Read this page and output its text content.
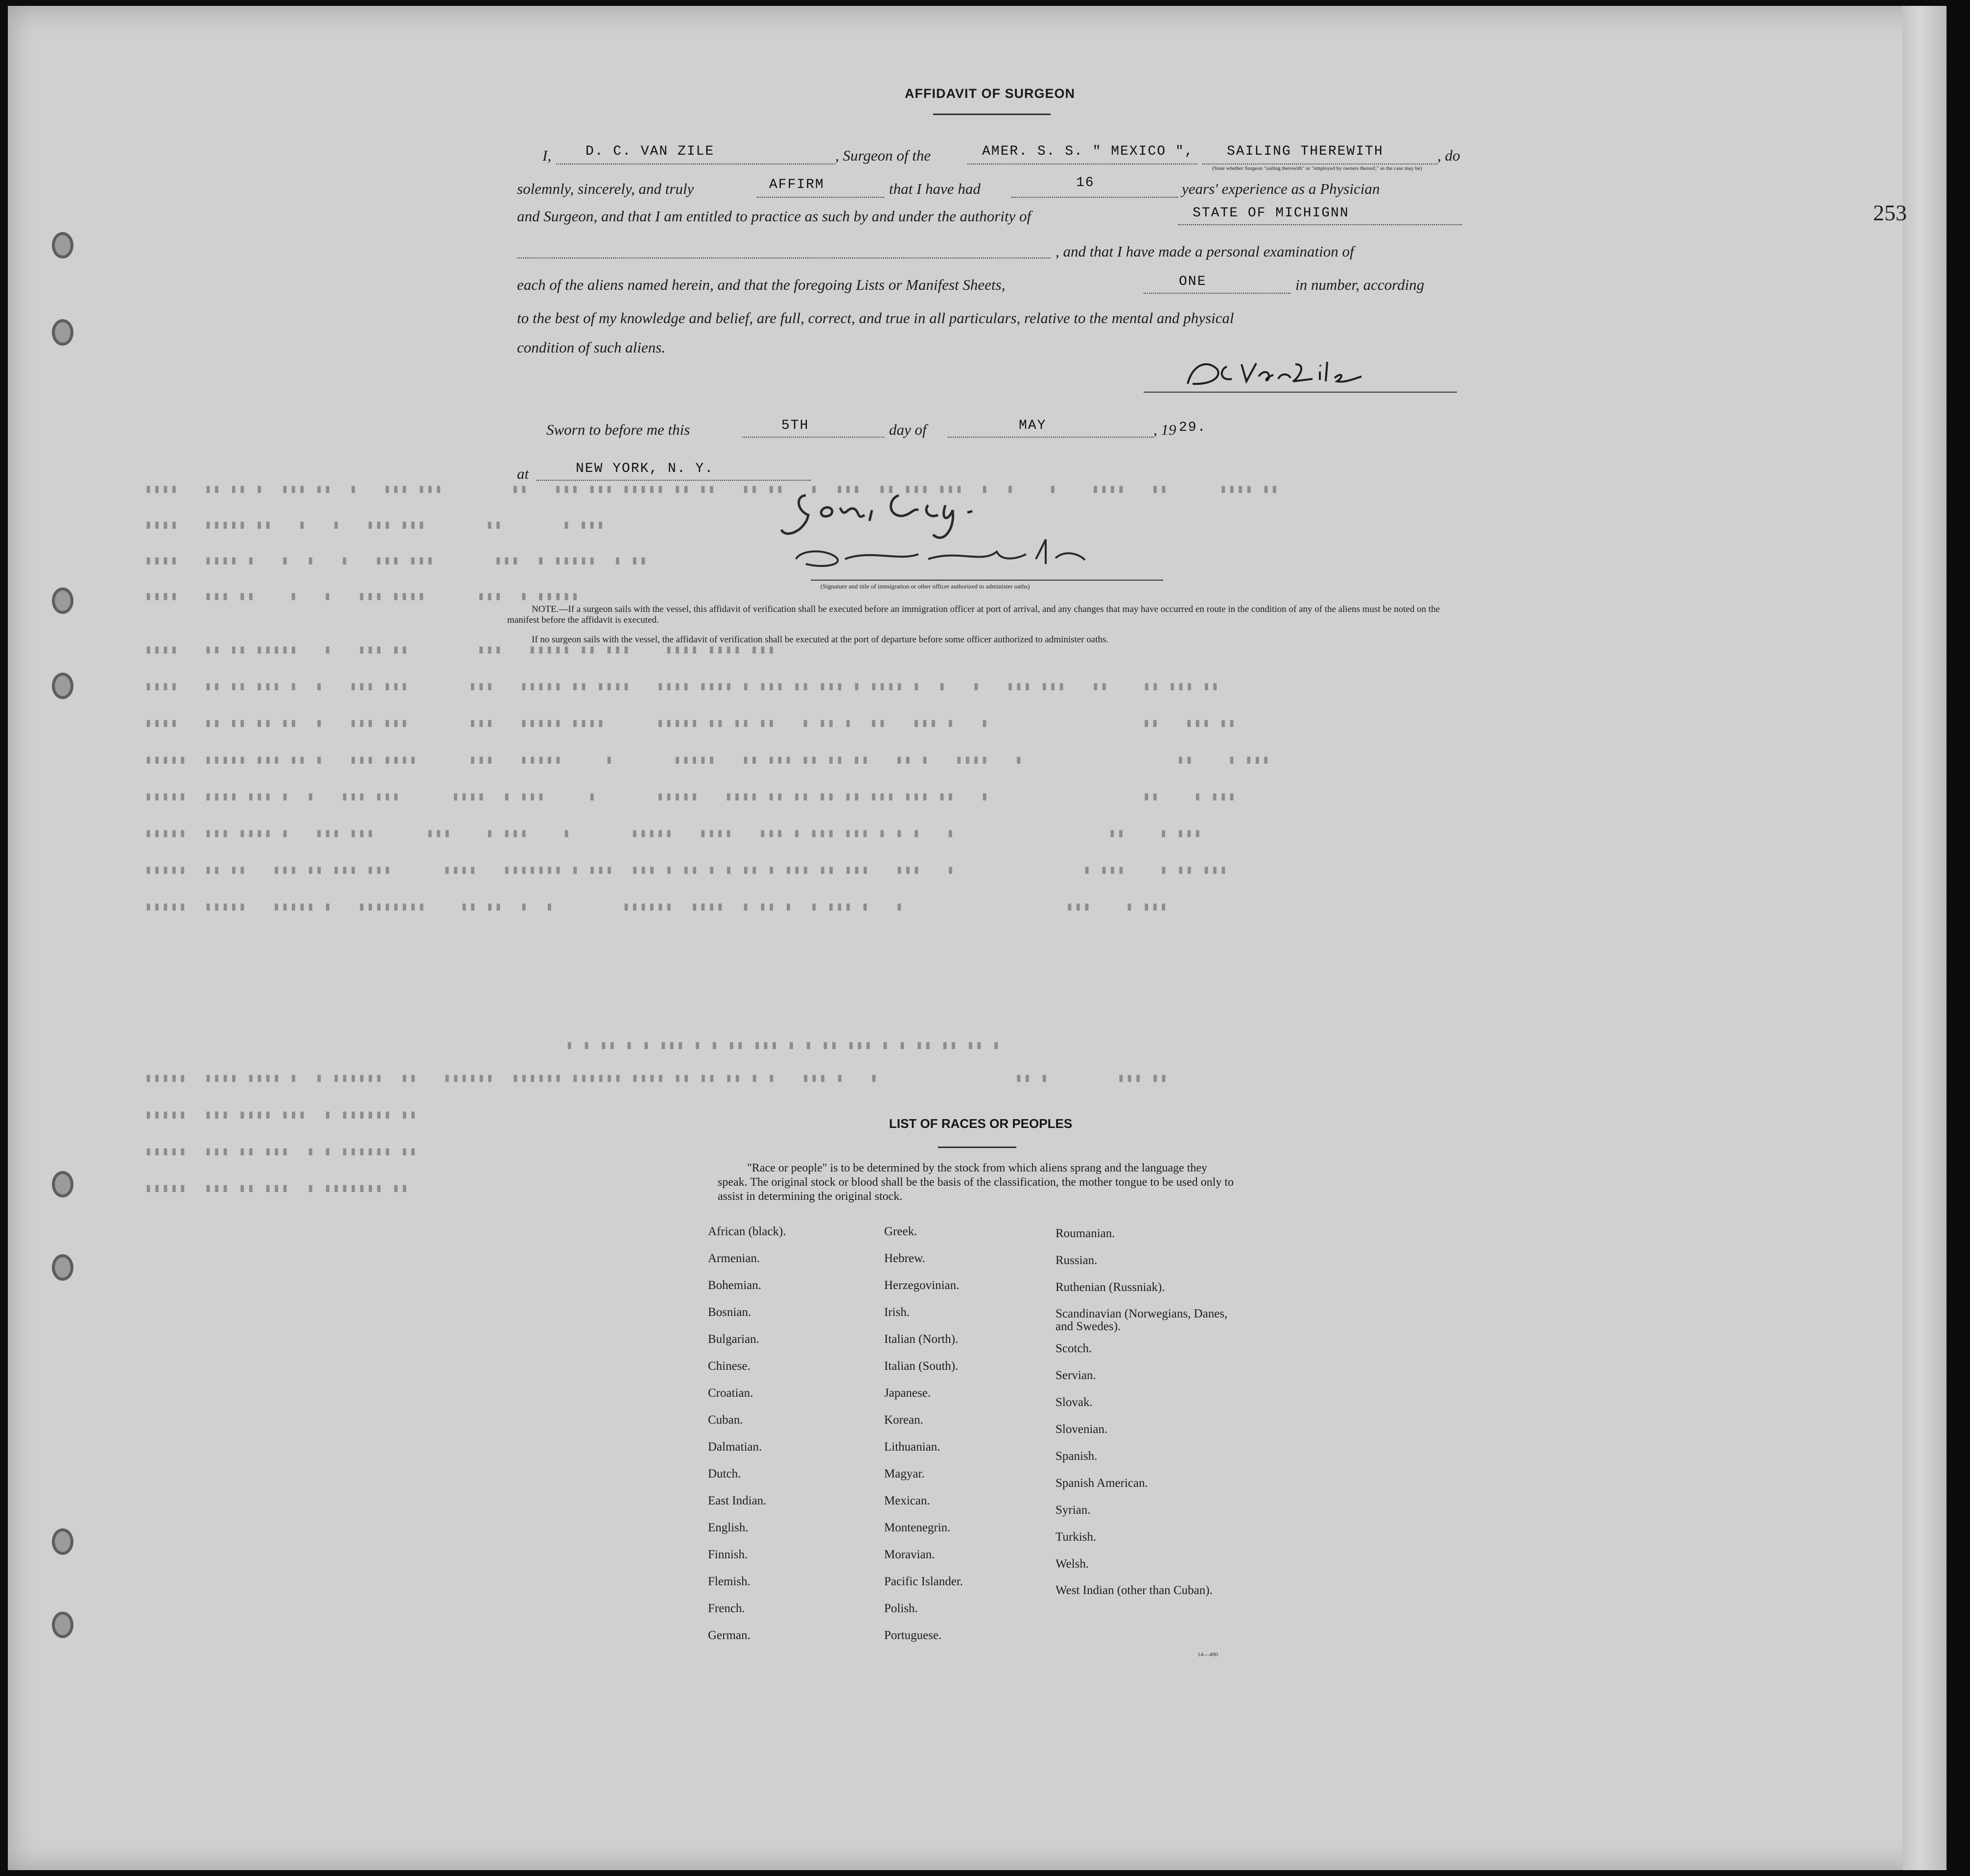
253
▮▮▮▮   ▮▮ ▮▮ ▮  ▮▮▮ ▮▮  ▮   ▮▮▮ ▮▮▮        ▮▮   ▮▮▮ ▮▮▮ ▮▮▮▮▮ ▮▮ ▮▮   ▮▮ ▮▮   ▮  ▮▮▮  ▮▮ ▮▮▮ ▮▮▮  ▮  ▮    ▮    ▮▮▮▮   ▮▮      ▮▮▮▮ ▮▮
▮▮▮▮   ▮▮▮▮▮ ▮▮   ▮   ▮   ▮▮▮ ▮▮▮       ▮▮       ▮ ▮▮▮
▮▮▮▮   ▮▮▮▮ ▮   ▮  ▮   ▮   ▮▮▮ ▮▮▮       ▮▮▮  ▮ ▮▮▮▮▮  ▮ ▮▮
▮▮▮▮   ▮▮▮ ▮▮    ▮   ▮   ▮▮▮ ▮▮▮▮      ▮▮▮  ▮ ▮▮▮▮▮
▮▮▮▮   ▮▮ ▮▮ ▮▮▮▮▮   ▮   ▮▮▮ ▮▮        ▮▮▮   ▮▮▮▮▮ ▮▮ ▮▮▮    ▮▮▮▮ ▮▮▮▮ ▮▮▮
▮▮▮▮   ▮▮ ▮▮ ▮▮▮ ▮  ▮   ▮▮▮ ▮▮▮       ▮▮▮   ▮▮▮▮▮ ▮▮ ▮▮▮▮   ▮▮▮▮ ▮▮▮▮ ▮ ▮▮▮ ▮▮ ▮▮▮ ▮ ▮▮▮▮ ▮  ▮   ▮   ▮▮▮ ▮▮▮   ▮▮    ▮▮ ▮▮▮ ▮▮
▮▮▮▮   ▮▮ ▮▮ ▮▮ ▮▮  ▮   ▮▮▮ ▮▮▮       ▮▮▮   ▮▮▮▮▮ ▮▮▮▮      ▮▮▮▮▮ ▮▮ ▮▮ ▮▮   ▮ ▮▮ ▮  ▮▮   ▮▮▮ ▮   ▮                  ▮▮   ▮▮▮ ▮▮
▮▮▮▮▮  ▮▮▮▮▮ ▮▮▮ ▮▮ ▮   ▮▮▮ ▮▮▮▮      ▮▮▮   ▮▮▮▮▮     ▮       ▮▮▮▮▮   ▮▮ ▮▮▮ ▮▮ ▮▮ ▮▮   ▮▮ ▮   ▮▮▮▮   ▮                  ▮▮    ▮ ▮▮▮
▮▮▮▮▮  ▮▮▮▮ ▮▮▮ ▮  ▮   ▮▮▮ ▮▮▮      ▮▮▮▮  ▮ ▮▮▮     ▮       ▮▮▮▮▮   ▮▮▮▮ ▮▮ ▮▮ ▮▮ ▮▮ ▮▮▮ ▮▮▮ ▮▮   ▮                  ▮▮    ▮ ▮▮▮
▮▮▮▮▮  ▮▮▮ ▮▮▮▮ ▮   ▮▮▮ ▮▮▮      ▮▮▮    ▮ ▮▮▮    ▮       ▮▮▮▮▮   ▮▮▮▮   ▮▮▮ ▮ ▮▮▮ ▮▮▮ ▮ ▮ ▮   ▮                  ▮▮    ▮ ▮▮▮
▮▮▮▮▮  ▮▮ ▮▮   ▮▮▮ ▮▮ ▮▮▮ ▮▮▮      ▮▮▮▮   ▮▮▮▮▮▮▮ ▮ ▮▮▮  ▮▮▮ ▮ ▮▮ ▮ ▮ ▮▮ ▮ ▮▮▮ ▮▮ ▮▮▮   ▮▮▮   ▮               ▮ ▮▮▮    ▮ ▮▮ ▮▮▮
▮▮▮▮▮  ▮▮▮▮▮   ▮▮▮▮▮ ▮   ▮▮▮▮▮▮▮▮    ▮▮ ▮▮  ▮  ▮        ▮▮▮▮▮▮  ▮▮▮▮  ▮ ▮▮ ▮  ▮ ▮▮▮ ▮   ▮                   ▮▮▮    ▮ ▮▮▮
▮ ▮ ▮▮ ▮ ▮ ▮▮▮ ▮ ▮ ▮▮ ▮▮▮ ▮ ▮ ▮▮ ▮▮▮ ▮ ▮ ▮▮ ▮▮ ▮▮ ▮
▮▮▮▮▮  ▮▮▮▮ ▮▮▮▮ ▮  ▮ ▮▮▮▮▮▮  ▮▮   ▮▮▮▮▮▮  ▮▮▮▮▮▮ ▮▮▮▮▮▮ ▮▮▮▮ ▮▮ ▮▮ ▮▮ ▮ ▮   ▮▮▮ ▮   ▮                ▮▮ ▮        ▮▮▮ ▮▮
▮▮▮▮▮  ▮▮▮ ▮▮▮▮ ▮▮▮  ▮ ▮▮▮▮▮▮ ▮▮
▮▮▮▮▮  ▮▮▮ ▮▮ ▮▮▮  ▮ ▮ ▮▮▮▮▮▮ ▮▮
▮▮▮▮▮  ▮▮▮ ▮▮ ▮▮▮  ▮ ▮▮▮▮▮▮▮ ▮▮
AFFIDAVIT OF SURGEON
I, D. C. VAN ZILE	, Surgeon of the	AMER. S. S. " MEXICO ", SAILING THEREWITH
(State whether Surgeon "sailing therewith" or "employed by owners thereof," as the case may be)
, do
solemnly, sincerely, and truly	AFFIRM	that I have had	16	years' experience as a Physician
and Surgeon, and that I am entitled to practice as such by and under the authority of	STATE OF MICHIGNN
, and that I have made a personal examination of
each of the aliens named herein, and that the foregoing Lists or Manifest Sheets,	ONE	in number, according
to the best of my knowledge and belief, are full, correct, and true in all particulars, relative to the mental and physical
condition of such aliens.
Sworn to before me this	5TH	day of	MAY	, 19 29.
at	NEW YORK, N. Y.
(Signature and title of immigration or other officer authorized to administer oaths)
NOTE.—If a surgeon sails with the vessel, this affidavit of verification shall be executed before an immigration officer at port of arrival, and any changes that may have occurred en route in the condition of any of the aliens must be noted on the manifest before the affidavit is executed.
If no surgeon sails with the vessel, the affidavit of verification shall be executed at the port of departure before some officer authorized to administer oaths.
LIST OF RACES OR PEOPLES
"Race or people" is to be determined by the stock from which aliens sprang and the language they speak. The original stock or blood shall be the basis of the classification, the mother tongue to be used only to assist in determining the original stock.
African (black).
Armenian.
Bohemian.
Bosnian.
Bulgarian.
Chinese.
Croatian.
Cuban.
Dalmatian.
Dutch.
East Indian.
English.
Finnish.
Flemish.
French.
German.
Greek.
Hebrew.
Herzegovinian.
Irish.
Italian (North).
Italian (South).
Japanese.
Korean.
Lithuanian.
Magyar.
Mexican.
Montenegrin.
Moravian.
Pacific Islander.
Polish.
Portuguese.
Roumanian.
Russian.
Ruthenian (Russniak).
Scandinavian (Norwegians, Danes, and Swedes).
Scotch.
Servian.
Slovak.
Slovenian.
Spanish.
Spanish American.
Syrian.
Turkish.
Welsh.
West Indian (other than Cuban).
14—480
